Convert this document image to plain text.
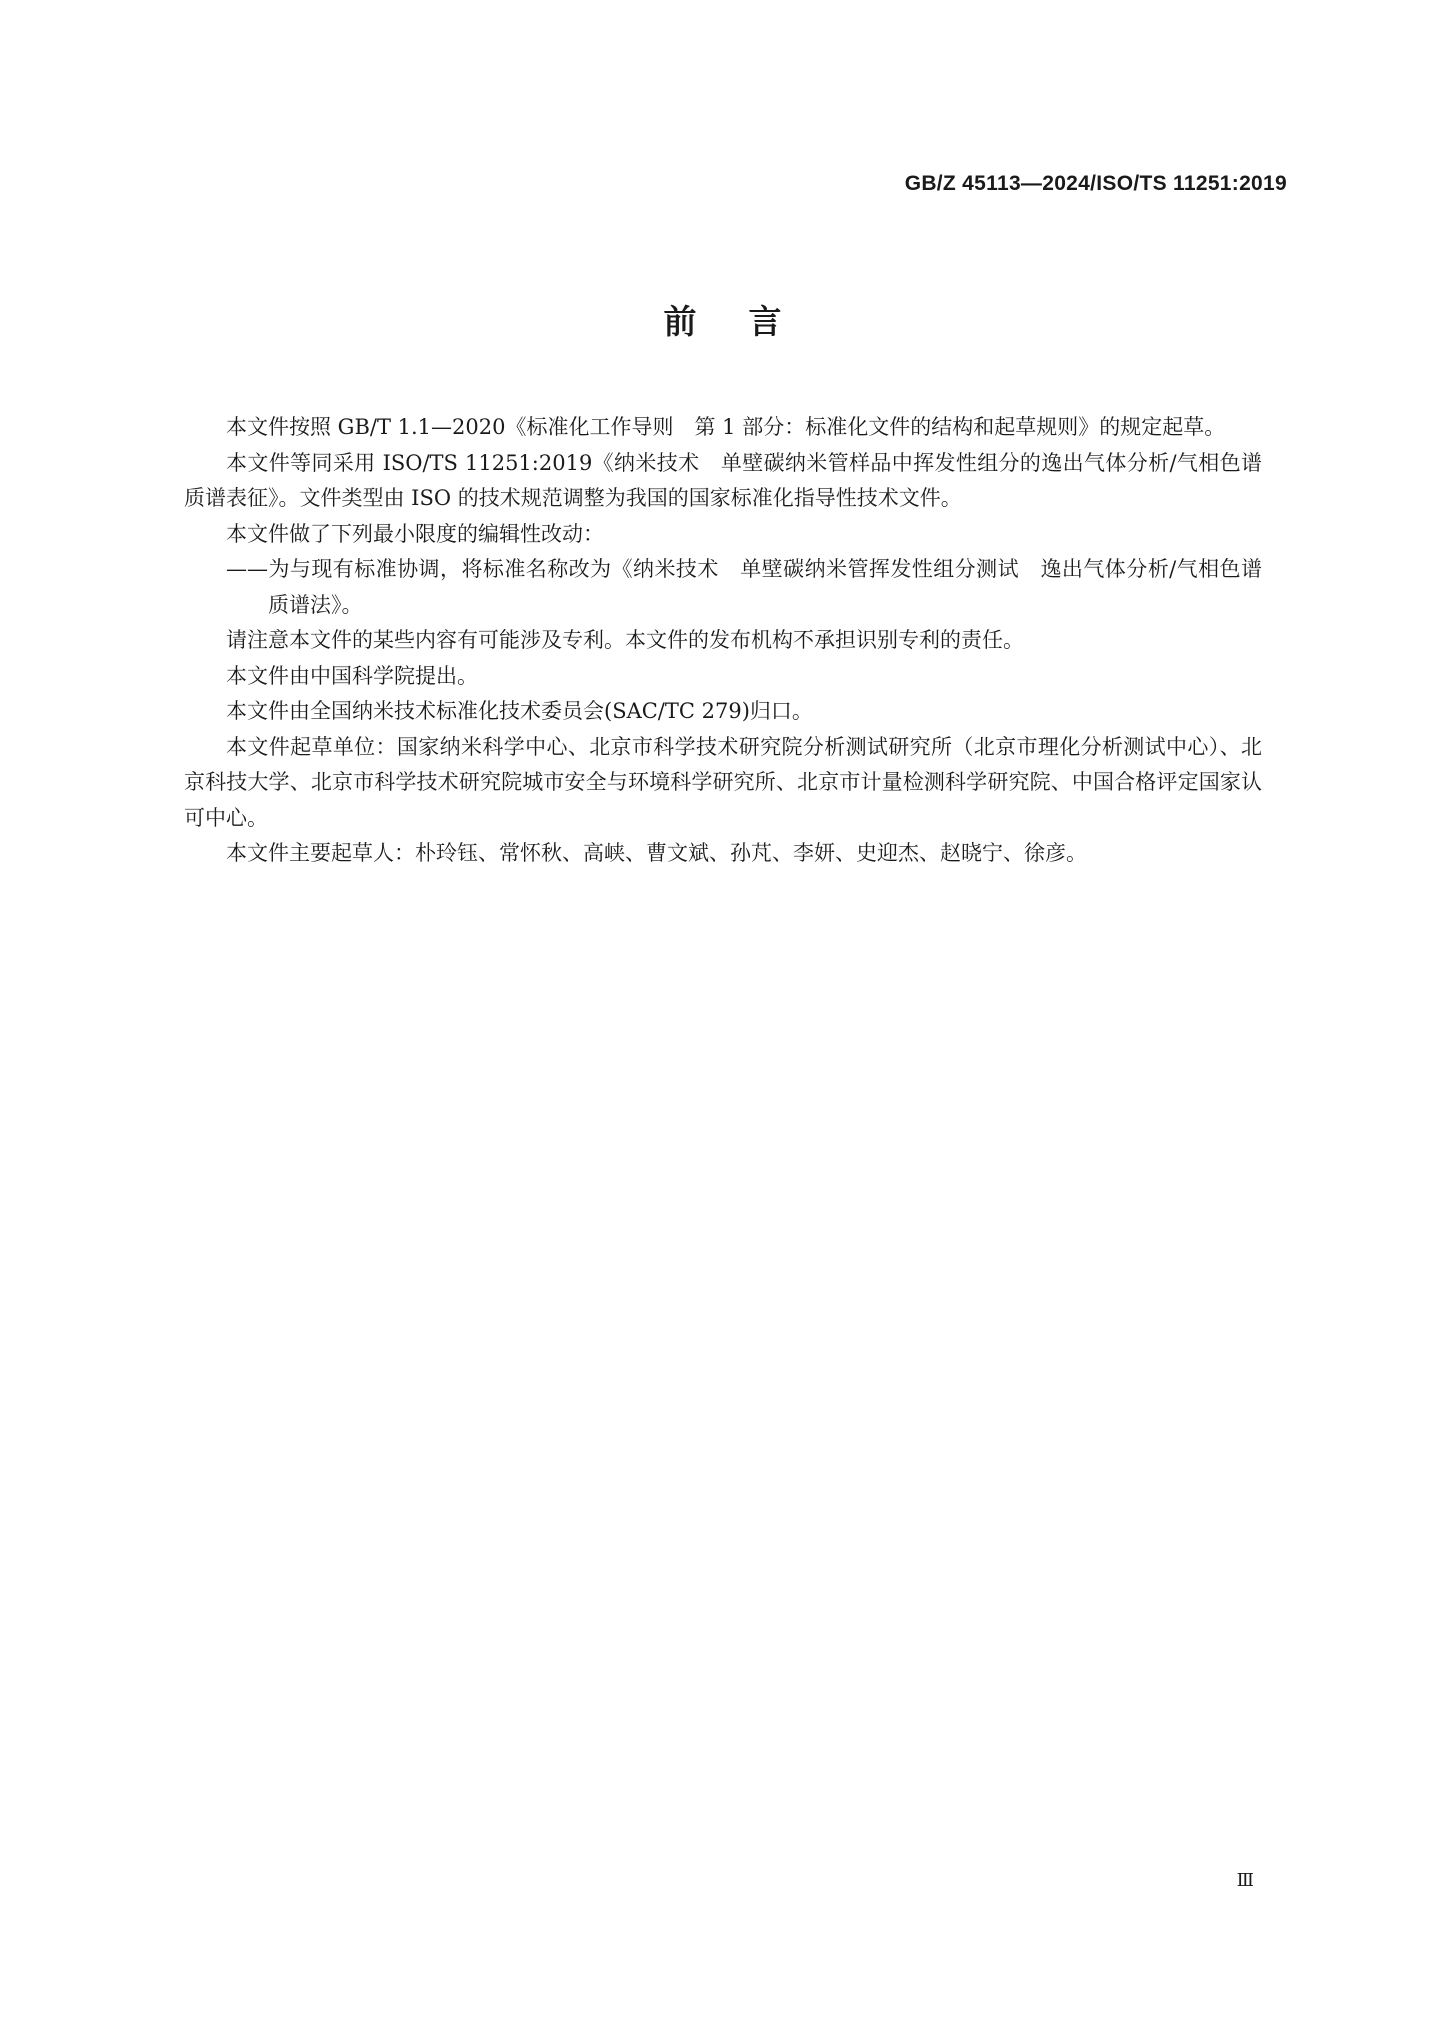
GB/Z 45113—2024/ISO/TS 11251:2019
前言

本文件按照 GB/T 1.1—2020《标准化工作导则　第 1 部分：标准化文件的结构和起草规则》的规定起草。

本文件等同采用 ISO/TS 11251:2019《纳米技术　单壁碳纳米管样品中挥发性组分的逸出气体分析/气相色谱质谱表征》。文件类型由 ISO 的技术规范调整为我国的国家标准化指导性技术文件。

本文件做了下列最小限度的编辑性改动：

——为与现有标准协调，将标准名称改为《纳米技术　单壁碳纳米管挥发性组分测试　逸出气体分析/气相色谱质谱法》。

请注意本文件的某些内容有可能涉及专利。本文件的发布机构不承担识别专利的责任。

本文件由中国科学院提出。

本文件由全国纳米技术标准化技术委员会(SAC/TC 279)归口。

本文件起草单位：国家纳米科学中心、北京市科学技术研究院分析测试研究所（北京市理化分析测试中心）、北京科技大学、北京市科学技术研究院城市安全与环境科学研究所、北京市计量检测科学研究院、中国合格评定国家认可中心。

本文件主要起草人：朴玲钰、常怀秋、高峡、曹文斌、孙芃、李妍、史迎杰、赵晓宁、徐彦。

Ⅲ
